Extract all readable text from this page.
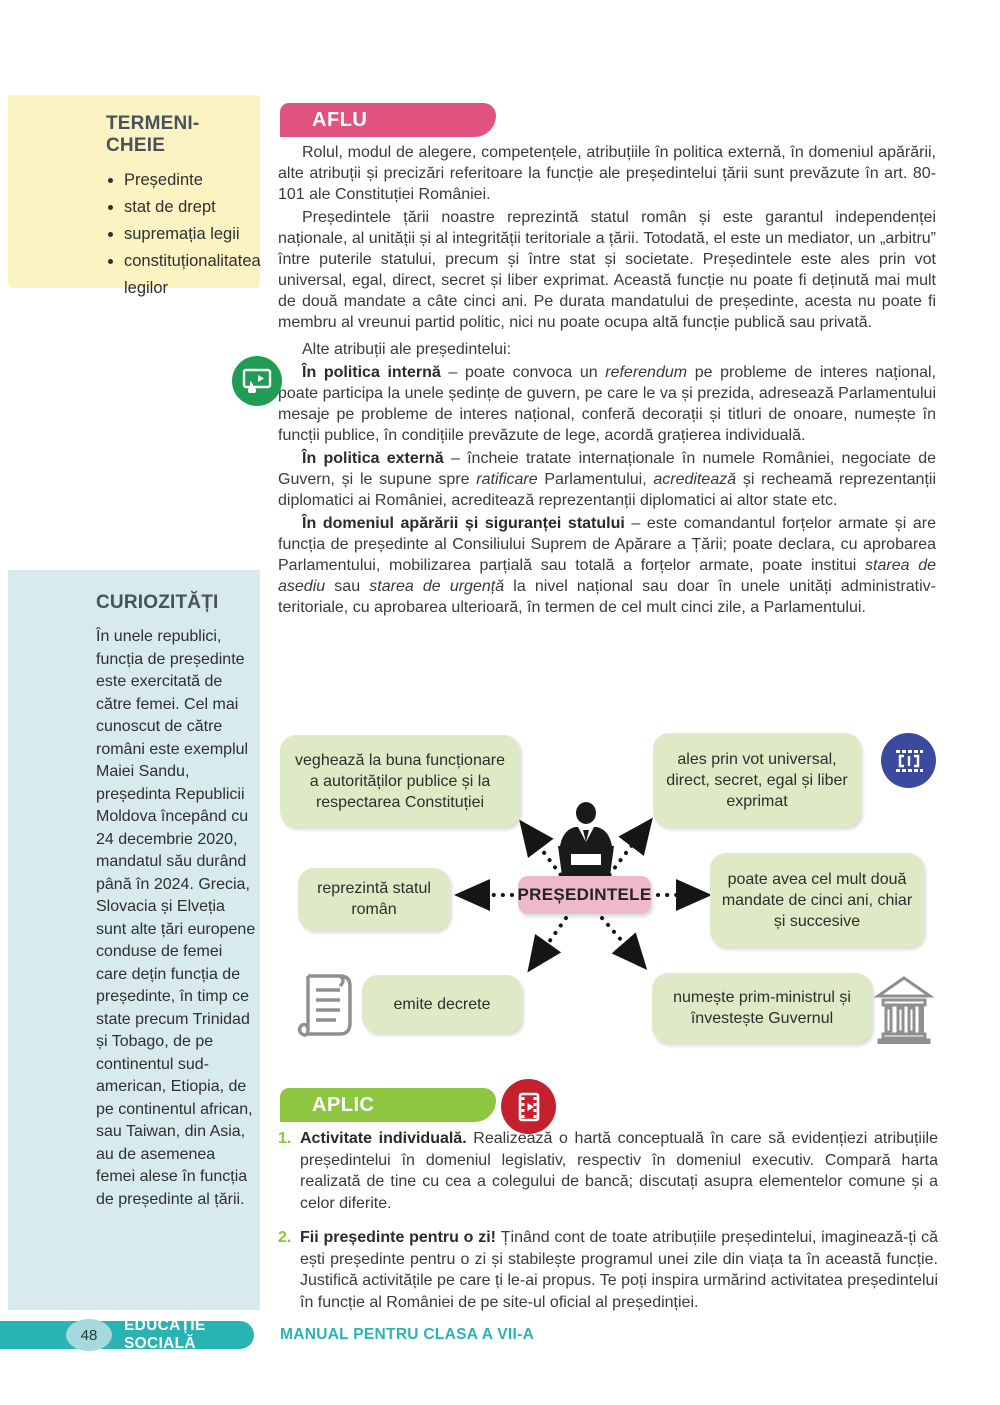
TERMENI-CHEIE
• Președinte
• stat de drept
• supremația legii
• constituționalitatea legilor
AFLU

Rolul, modul de alegere, competențele, atribuțiile în politica externă, în domeniul apărării, alte atribuții și precizări referitoare la funcție ale președintelui țării sunt prevăzute în art. 80-101 ale Constituției României.

Președintele țării noastre reprezintă statul român și este garantul independenței naționale, al unității și al integrității teritoriale a țării. Totodată, el este un mediator, un „arbitru” între puterile statului, precum și între stat și societate. Președintele este ales prin vot universal, egal, direct, secret și liber exprimat. Această funcție nu poate fi deținută mai mult de două mandate a câte cinci ani. Pe durata mandatului de președinte, acesta nu poate fi membru al vreunui partid politic, nici nu poate ocupa altă funcție publică sau privată.

Alte atribuții ale președintelui:

În politica internă – poate convoca un referendum pe probleme de interes național, poate participa la unele ședințe de guvern, pe care le va și prezida, adresează Parlamentului mesaje pe probleme de interes național, conferă decorații și titluri de onoare, numește în funcții publice, în condițiile prevăzute de lege, acordă grațierea individuală.

În politica externă – încheie tratate internaționale în numele României, negociate de Guvern, și le supune spre ratificare Parlamentului, acreditează și recheamă reprezentanții diplomatici ai României, acreditează reprezentanții diplomatici ai altor state etc.

În domeniul apărării și siguranței statului – este comandantul forțelor armate și are funcția de președinte al Consiliului Suprem de Apărare a Țării; poate declara, cu aprobarea Parlamentului, mobilizarea parțială sau totală a forțelor armate, poate institui starea de asediu sau starea de urgență la nivel național sau doar în unele unități administrativ-teritoriale, cu aprobarea ulterioară, în termen de cel mult cinci zile, a Parlamentului.

CURIOZITĂȚI
În unele republici, funcția de președinte este exercitată de către femei. Cel mai cunoscut de către români este exemplul Maiei Sandu, președinta Republicii Moldova începând cu 24 decembrie 2020, mandatul său durând până în 2024. Grecia, Slovacia și Elveția sunt alte țări europene conduse de femei care dețin funcția de președinte, în timp ce state precum Trinidad și Tobago, de pe continentul sud-american, Etiopia, de pe continentul african, sau Taiwan, din Asia, au de asemenea femei alese în funcția de președinte al țării.
veghează la buna funcționare a autorităților publice și la respectarea Constituției
ales prin vot universal, direct, secret, egal și liber exprimat
reprezintă statul român
poate avea cel mult două mandate de cinci ani, chiar și succesive
emite decrete	numește prim-ministrul și învestește Guvernul
PREȘEDINTELE
APLIC
1. Activitate individuală. Realizează o hartă conceptuală în care să evidențiezi atribuțiile președintelui în domeniul legislativ, respectiv în domeniul executiv. Compară harta realizată de tine cu cea a colegului de bancă; discutați asupra elementelor comune și a celor diferite.
2. Fii președinte pentru o zi! Ținând cont de toate atribuțiile președintelui, imaginează-ți că ești președinte pentru o zi și stabilește programul unei zile din viața ta în această funcție. Justifică activitățile pe care ți le-ai propus. Te poți inspira urmărind activitatea președintelui în funcție al României de pe site-ul oficial al președinției.
48
EDUCAȚIE SOCIALĂ
MANUAL PENTRU CLASA A VII-A
